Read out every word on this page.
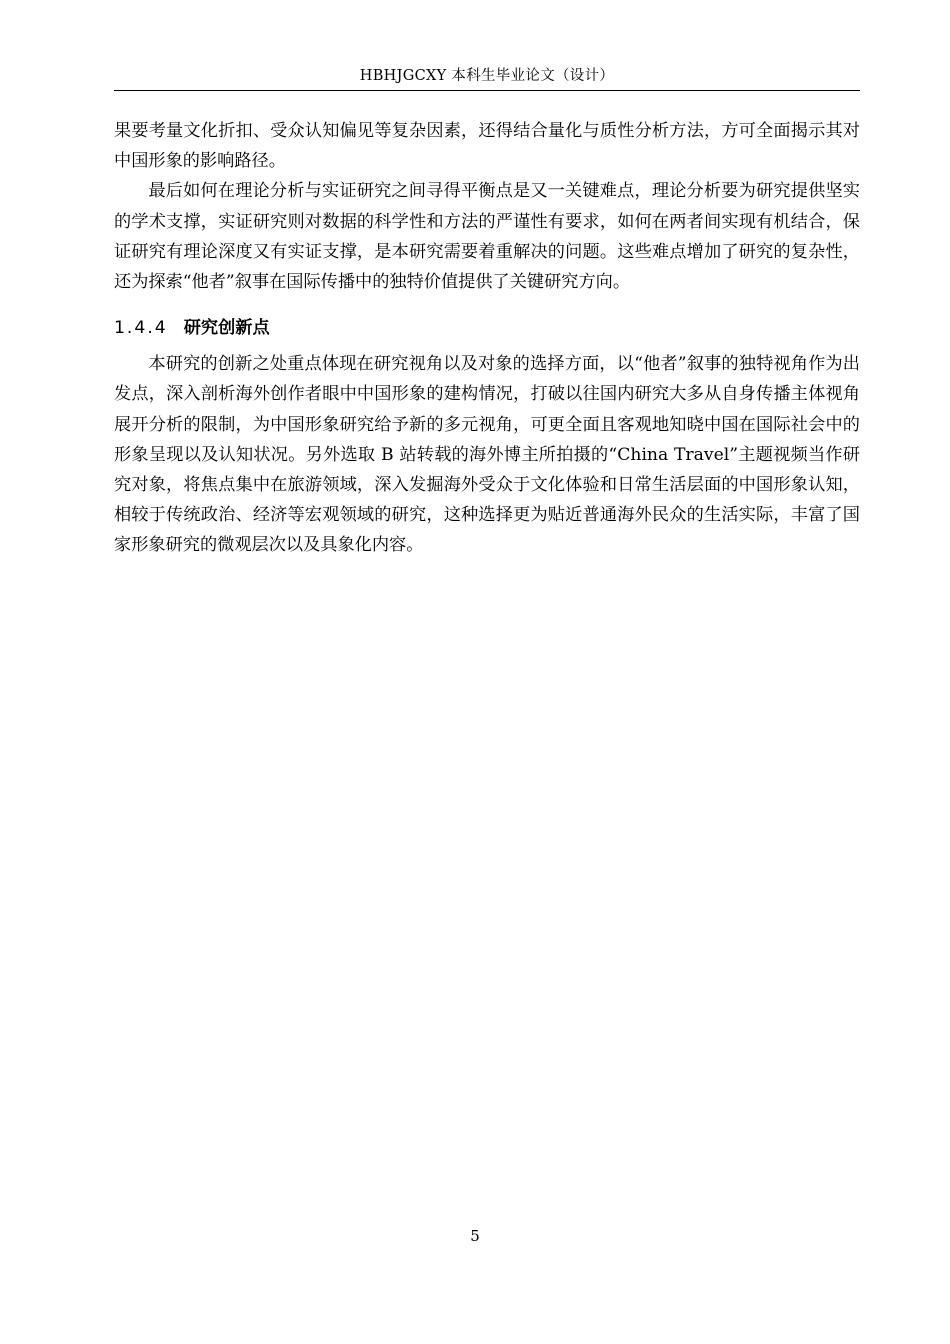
HBHJGCXY 本科生毕业论文（设计）

果要考量文化折扣、受众认知偏见等复杂因素，还得结合量化与质性分析方法，方可全面揭示其对中国形象的影响路径。

最后如何在理论分析与实证研究之间寻得平衡点是又一关键难点，理论分析要为研究提供坚实的学术支撑，实证研究则对数据的科学性和方法的严谨性有要求，如何在两者间实现有机结合，保证研究有理论深度又有实证支撑，是本研究需要着重解决的问题。这些难点增加了研究的复杂性，还为探索“他者”叙事在国际传播中的独特价值提供了关键研究方向。

1.4.4 研究创新点

本研究的创新之处重点体现在研究视角以及对象的选择方面，以“他者”叙事的独特视角作为出发点，深入剖析海外创作者眼中中国形象的建构情况，打破以往国内研究大多从自身传播主体视角展开分析的限制，为中国形象研究给予新的多元视角，可更全面且客观地知晓中国在国际社会中的形象呈现以及认知状况。另外选取 B 站转载的海外博主所拍摄的“China Travel”主题视频当作研究对象，将焦点集中在旅游领域，深入发掘海外受众于文化体验和日常生活层面的中国形象认知，相较于传统政治、经济等宏观领域的研究，这种选择更为贴近普通海外民众的生活实际，丰富了国家形象研究的微观层次以及具象化内容。

5
